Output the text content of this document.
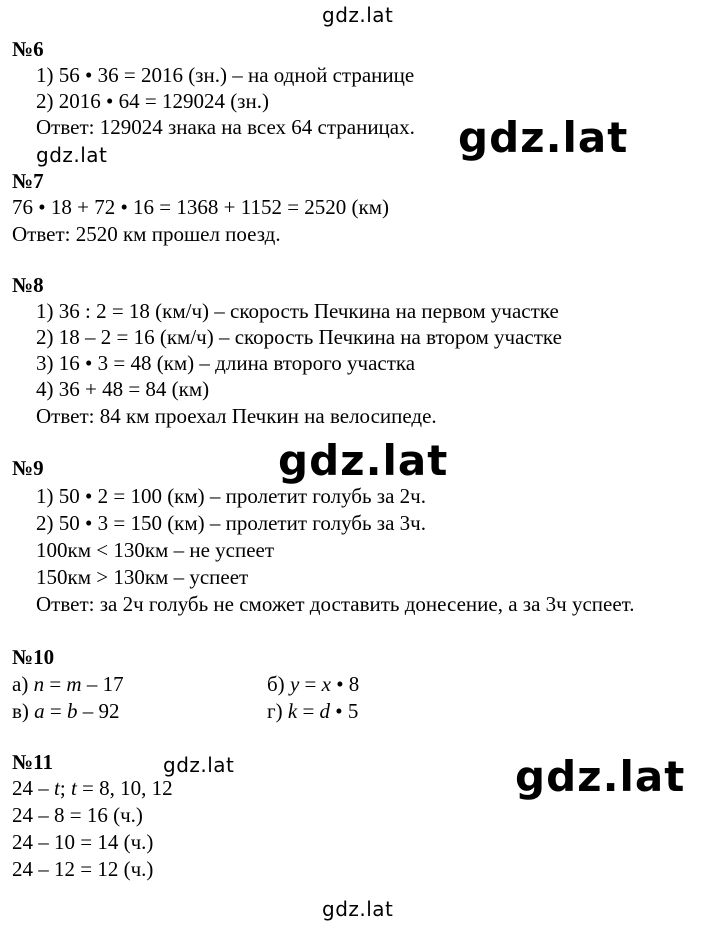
gdz.lat
gdz.lat	gdz.lat
gdz.lat
gdz.lat	gdz.lat
gdz.lat
№6
1) 56 • 36 = 2016 (зн.) – на одной странице
2) 2016 • 64 = 129024 (зн.)
Ответ: 129024 знака на всех 64 страницах.
№7
76 • 18 + 72 • 16 = 1368 + 1152 = 2520 (км)
Ответ: 2520 км прошел поезд.
№8
1) 36 : 2 = 18 (км/ч) – скорость Печкина на первом участке
2) 18 – 2 = 16 (км/ч) – скорость Печкина на втором участке
3) 16 • 3 = 48 (км) – длина второго участка
4) 36 + 48 = 84 (км)
Ответ: 84 км проехал Печкин на велосипеде.
№9
1) 50 • 2 = 100 (км) – пролетит голубь за 2ч.
2) 50 • 3 = 150 (км) – пролетит голубь за 3ч.
100км < 130км – не успеет
150км > 130км – успеет
Ответ: за 2ч голубь не сможет доставить донесение, а за 3ч успеет.
№10
а) n = m – 17	б) y = x • 8
в) a = b – 92	г) k = d • 5
№11
24 – t; t = 8, 10, 12
24 – 8 = 16 (ч.)
24 – 10 = 14 (ч.)
24 – 12 = 12 (ч.)
